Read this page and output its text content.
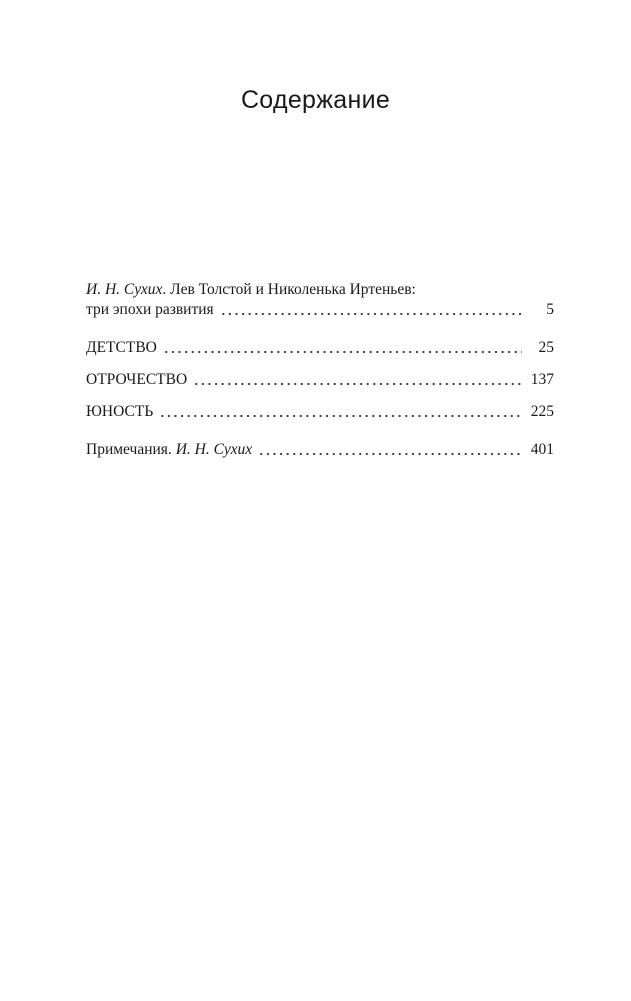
Содержание
И. Н. Сухих. Лев Толстой и Николенька Иртеньев:
три эпохи развития	5
ДЕТСТВО	25
ОТРОЧЕСТВО	137
ЮНОСТЬ	225
Примечания. И. Н. Сухих	401
